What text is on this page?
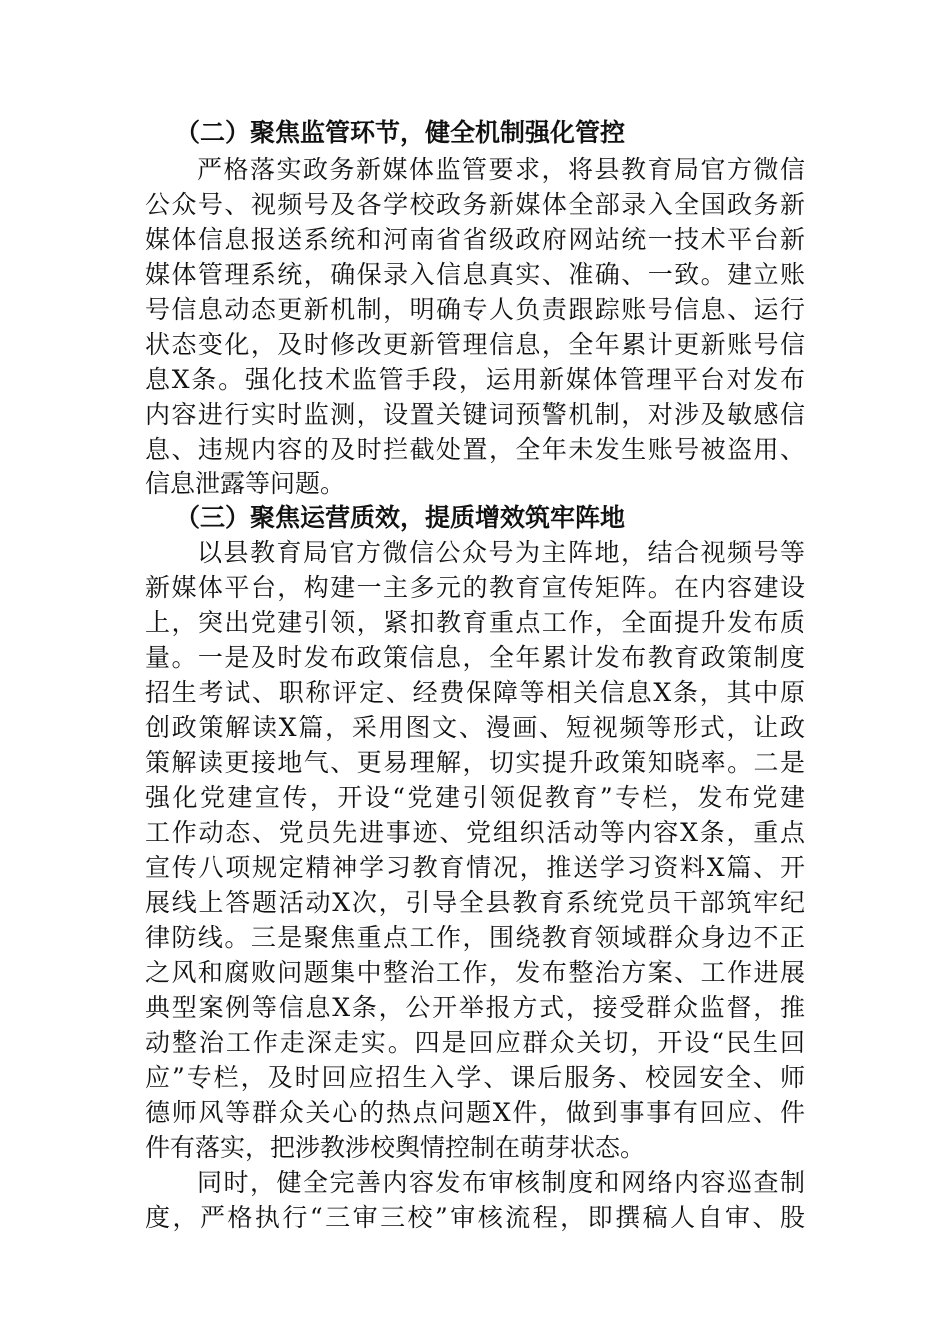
（二）聚焦监管环节，健全机制强化管控
严格落实政务新媒体监管要求，将县教育局官方微信
公众号、视频号及各学校政务新媒体全部录入全国政务新
媒体信息报送系统和河南省省级政府网站统一技术平台新
媒体管理系统，确保录入信息真实、准确、一致。建立账
号信息动态更新机制，明确专人负责跟踪账号信息、运行
状态变化，及时修改更新管理信息，全年累计更新账号信
息X条。强化技术监管手段，运用新媒体管理平台对发布
内容进行实时监测，设置关键词预警机制，对涉及敏感信
息、违规内容的及时拦截处置，全年未发生账号被盗用、
信息泄露等问题。
（三）聚焦运营质效，提质增效筑牢阵地
以县教育局官方微信公众号为主阵地，结合视频号等
新媒体平台，构建一主多元的教育宣传矩阵。在内容建设
上，突出党建引领，紧扣教育重点工作，全面提升发布质
量。一是及时发布政策信息，全年累计发布教育政策制度
招生考试、职称评定、经费保障等相关信息X条，其中原
创政策解读X篇，采用图文、漫画、短视频等形式，让政
策解读更接地气、更易理解，切实提升政策知晓率。二是
强化党建宣传，开设“党建引领促教育”专栏，发布党建
工作动态、党员先进事迹、党组织活动等内容X条，重点
宣传八项规定精神学习教育情况，推送学习资料X篇、开
展线上答题活动X次，引导全县教育系统党员干部筑牢纪
律防线。三是聚焦重点工作，围绕教育领域群众身边不正
之风和腐败问题集中整治工作，发布整治方案、工作进展
典型案例等信息X条，公开举报方式，接受群众监督，推
动整治工作走深走实。四是回应群众关切，开设“民生回
应”专栏，及时回应招生入学、课后服务、校园安全、师
德师风等群众关心的热点问题X件，做到事事有回应、件
件有落实，把涉教涉校舆情控制在萌芽状态。
同时，健全完善内容发布审核制度和网络内容巡查制
度，严格执行“三审三校”审核流程，即撰稿人自审、股
